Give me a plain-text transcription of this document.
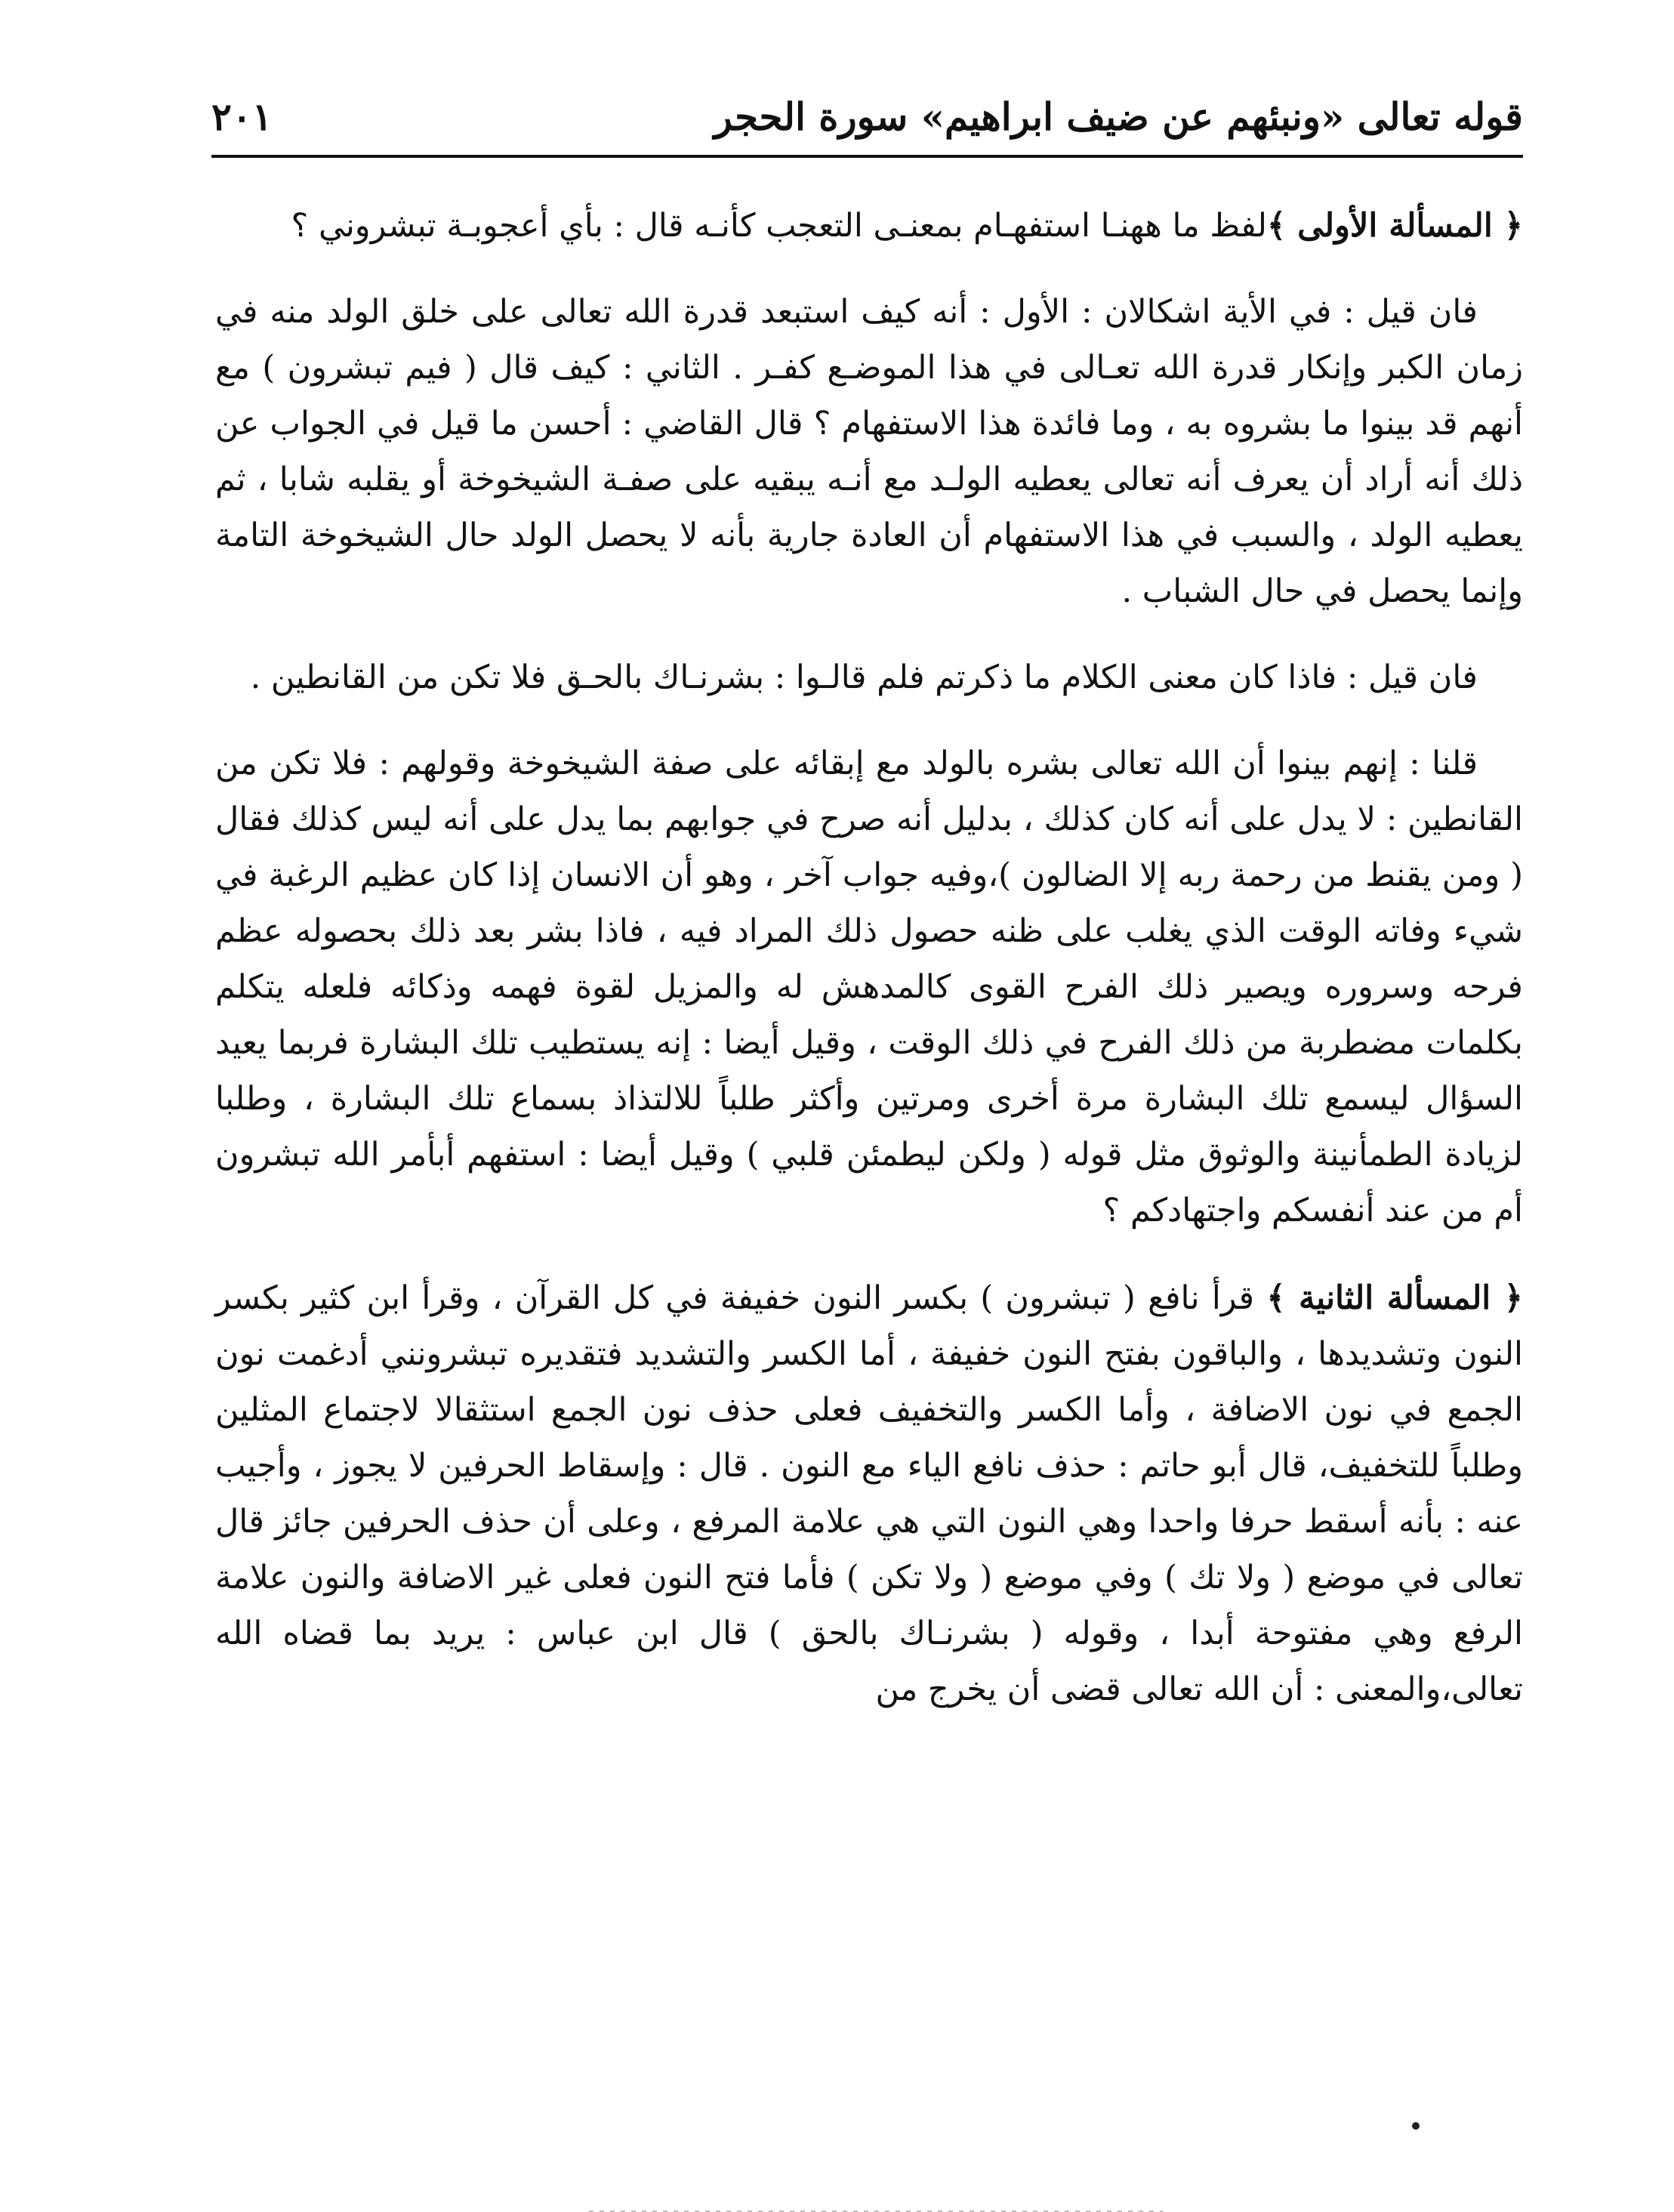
قوله تعالى «ونبئهم عن ضيف ابراهيم» سورة الحجر
٢٠١

﴿ المسألة الأولى ﴾لفظ ما ههنـا استفهـام بمعنـى التعجب كأنـه قال : بأي أعجوبـة تبشروني ؟

فان قيل : في الأية اشكالان : الأول : أنه كيف استبعد قدرة الله تعالى على خلق الولد منه في زمان الكبر وإنكار قدرة الله تعـالى في هذا الموضـع كفـر . الثاني : كيف قال ( فيم تبشرون ) مع أنهم قد بينوا ما بشروه به ، وما فائدة هذا الاستفهام ؟ قال القاضي : أحسن ما قيل في الجواب عن ذلك أنه أراد أن يعرف أنه تعالى يعطيه الولـد مع أنـه يبقيه على صفـة الشيخوخة أو يقلبه شابا ، ثم يعطيه الولد ، والسبب في هذا الاستفهام أن العادة جارية بأنه لا يحصل الولد حال الشيخوخة التامة وإنما يحصل في حال الشباب .

فان قيل : فاذا كان معنى الكلام ما ذكرتم فلم قالـوا : بشرنـاك بالحـق فلا تكن من القانطين .

قلنا : إنهم بينوا أن الله تعالى بشره بالولد مع إبقائه على صفة الشيخوخة وقولهم : فلا تكن من القانطين : لا يدل على أنه كان كذلك ، بدليل أنه صرح في جوابهم بما يدل على أنه ليس كذلك فقال ( ومن يقنط من رحمة ربه إلا الضالون )،وفيه جواب آخر ، وهو أن الانسان إذا كان عظيم الرغبة في شيء وفاته الوقت الذي يغلب على ظنه حصول ذلك المراد فيه ، فاذا بشر بعد ذلك بحصوله عظم فرحه وسروره ويصير ذلك الفرح القوى كالمدهش له والمزيل لقوة فهمه وذكائه فلعله يتكلم بكلمات مضطربة من ذلك الفرح في ذلك الوقت ، وقيل أيضا : إنه يستطيب تلك البشارة فربما يعيد السؤال ليسمع تلك البشارة مرة أخرى ومرتين وأكثر طلباً للالتذاذ بسماع تلك البشارة ، وطلبا لزيادة الطمأنينة والوثوق مثل قوله ( ولكن ليطمئن قلبي ) وقيل أيضا : استفهم أبأمر الله تبشرون أم من عند أنفسكم واجتهادكم ؟

﴿ المسألة الثانية ﴾ قرأ نافع ( تبشرون ) بكسر النون خفيفة في كل القرآن ، وقرأ ابن كثير بكسر النون وتشديدها ، والباقون بفتح النون خفيفة ، أما الكسر والتشديد فتقديره تبشرونني أدغمت نون الجمع في نون الاضافة ، وأما الكسر والتخفيف فعلى حذف نون الجمع استثقالا لاجتماع المثلين وطلباً للتخفيف، قال أبو حاتم : حذف نافع الياء مع النون . قال : وإسقاط الحرفين لا يجوز ، وأجيب عنه : بأنه أسقط حرفا واحدا وهي النون التي هي علامة المرفع ، وعلى أن حذف الحرفين جائز قال تعالى في موضع ( ولا تك ) وفي موضع ( ولا تكن ) فأما فتح النون فعلى غير الاضافة والنون علامة الرفع وهي مفتوحة أبدا ، وقوله ( بشرنـاك بالحق ) قال ابن عباس : يريد بما قضاه الله تعالى،والمعنى : أن الله تعالى قضى أن يخرج من
